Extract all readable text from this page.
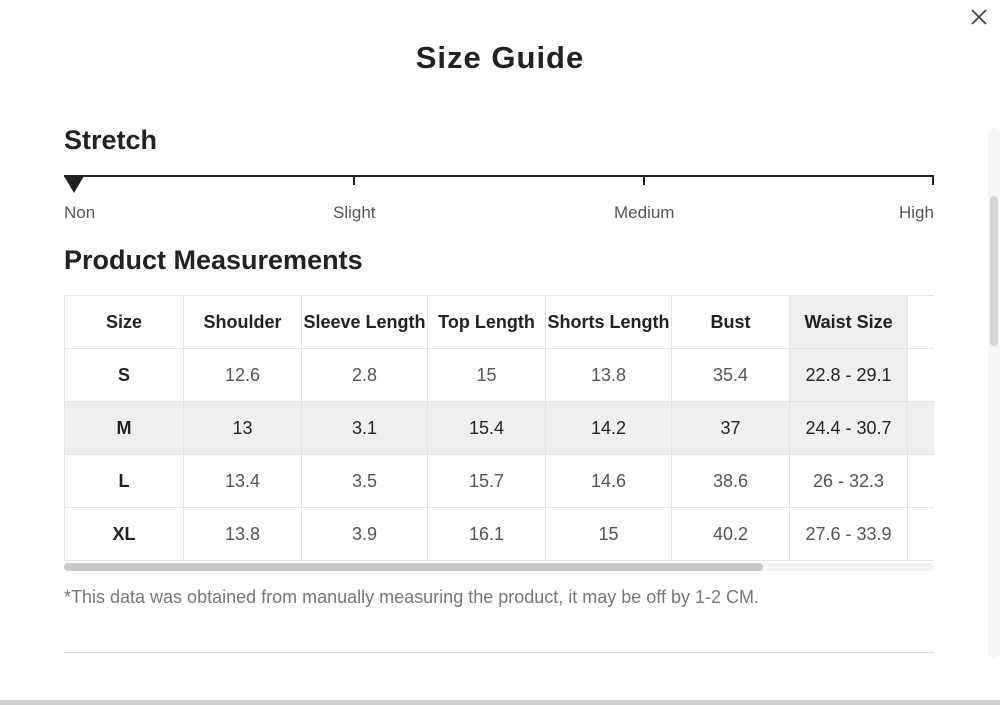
Size Guide
Stretch
Non	Slight	Medium	High
Product Measurements
Size	Shoulder	Sleeve Length	Top Length	Shorts Length	Bust	Waist Size	
S	12.6	2.8	15	13.8	35.4	22.8 - 29.1	
M	13	3.1	15.4	14.2	37	24.4 - 30.7	
L	13.4	3.5	15.7	14.6	38.6	26 - 32.3	
XL	13.8	3.9	16.1	15	40.2	27.6 - 33.9	
*This data was obtained from manually measuring the product, it may be off by 1-2 CM.
